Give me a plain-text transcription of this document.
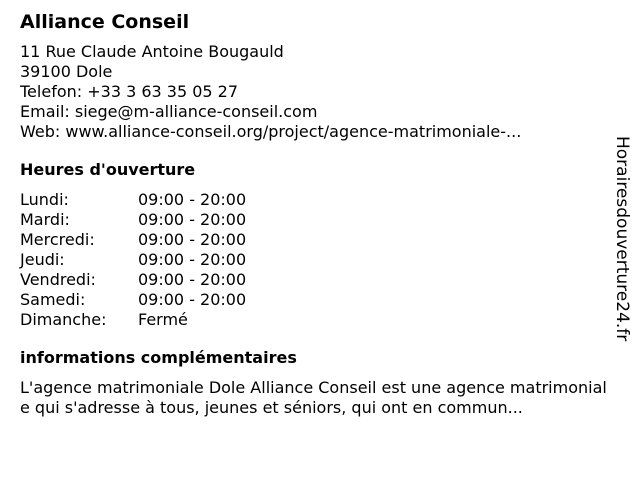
Alliance Conseil
11 Rue Claude Antoine Bougauld
39100 Dole
Telefon: +33 3 63 35 05 27
Email: siege@m-alliance-conseil.com
Web: www.alliance-conseil.org/project/agence-matrimoniale-...
Heures d'ouverture
Lundi:	09:00 - 20:00
Mardi:	09:00 - 20:00
Mercredi:	09:00 - 20:00
Jeudi:	09:00 - 20:00
Vendredi:	09:00 - 20:00
Samedi:	09:00 - 20:00
Dimanche:	Fermé
informations complémentaires
L'agence matrimoniale Dole Alliance Conseil est une agence matrimoniale qui s'adresse à tous, jeunes et séniors, qui ont en commun...
Horairesdouverture24.fr
